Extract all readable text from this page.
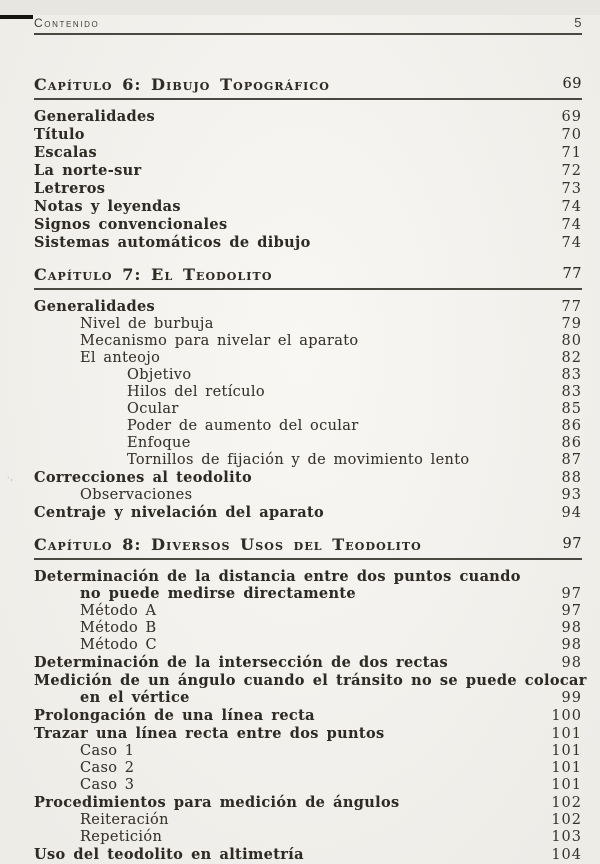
·,
Contenido	5
Capítulo 6: Dibujo Topográfico	69
Generalidades	69
Título	70
Escalas	71
La norte-sur	72
Letreros	73
Notas y leyendas	74
Signos convencionales	74
Sistemas automáticos de dibujo	74
Capítulo 7: El Teodolito	77
Generalidades	77
Nivel de burbuja	79
Mecanismo para nivelar el aparato	80
El anteojo	82
Objetivo	83
Hilos del retículo	83
Ocular	85
Poder de aumento del ocular	86
Enfoque	86
Tornillos de fijación y de movimiento lento	87
Correcciones al teodolito	88
Observaciones	93
Centraje y nivelación del aparato	94
Capítulo 8: Diversos Usos del Teodolito	97
Determinación de la distancia entre dos puntos cuando
no puede medirse directamente	97
Método A	97
Método B	98
Método C	98
Determinación de la intersección de dos rectas	98
Medición de un ángulo cuando el tránsito no se puede colocar
en el vértice	99
Prolongación de una línea recta	100
Trazar una línea recta entre dos puntos	101
Caso 1	101
Caso 2	101
Caso 3	101
Procedimientos para medición de ángulos	102
Reiteración	102
Repetición	103
Uso del teodolito en altimetría	104
